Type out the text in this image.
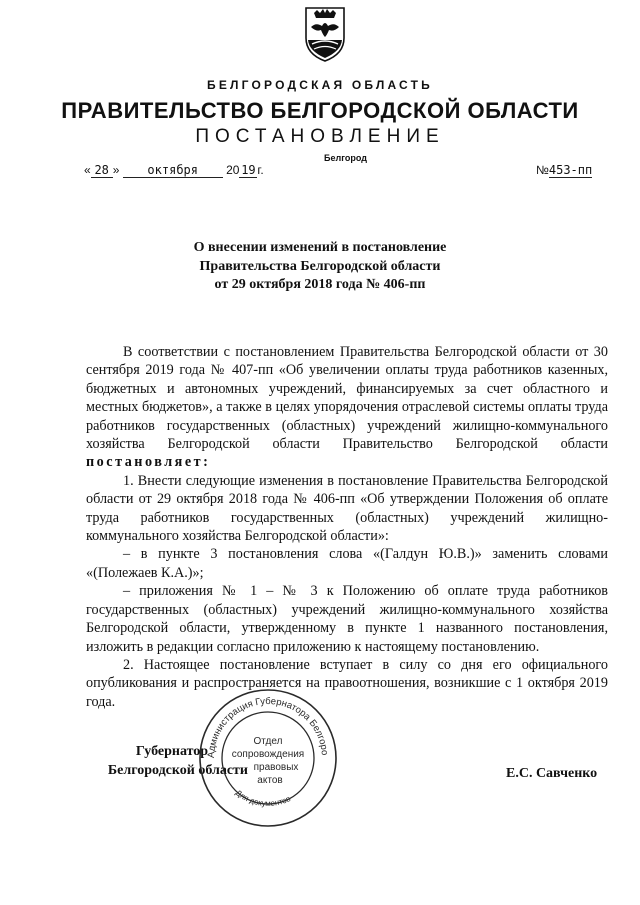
БЕЛГОРОДСКАЯ ОБЛАСТЬ
ПРАВИТЕЛЬСТВО БЕЛГОРОДСКОЙ ОБЛАСТИ
ПОСТАНОВЛЕНИЕ
Белгород
« 28 » октября 20 19 г.	№453-пп
О внесении изменений в постановление
Правительства Белгородской области
от 29 октября 2018 года № 406-пп

В соответствии с постановлением Правительства Белгородской области от 30 сентября 2019 года № 407-пп «Об увеличении оплаты труда работников казенных, бюджетных и автономных учреждений, финансируемых за счет областного и местных бюджетов», а также в целях упорядочения отраслевой системы оплаты труда работников государственных (областных) учреждений жилищно-коммунального хозяйства Белгородской области Правительство Белгородской области постановляет:

1. Внести следующие изменения в постановление Правительства Белгородской области от 29 октября 2018 года № 406-пп «Об утверждении Положения об оплате труда работников государственных (областных) учреждений жилищно-коммунального хозяйства Белгородской области»:

– в пункте 3 постановления слова «(Галдун Ю.В.)» заменить словами «(Полежаев К.А.)»;

– приложения № 1 – № 3 к Положению об оплате труда работников государственных (областных) учреждений жилищно-коммунального хозяйства Белгородской области, утвержденному в пункте 1 названного постановления, изложить в редакции согласно приложению к настоящему постановлению.

2. Настоящее постановление вступает в силу со дня его официального опубликования и распространяется на правоотношения, возникшие с 1 октября 2019 года.

Губернатор
Белгородской области	Е.С. Савченко
Администрация Губернатора Белгоро
Для документов
Отдел
сопровождения
правовых
актов
